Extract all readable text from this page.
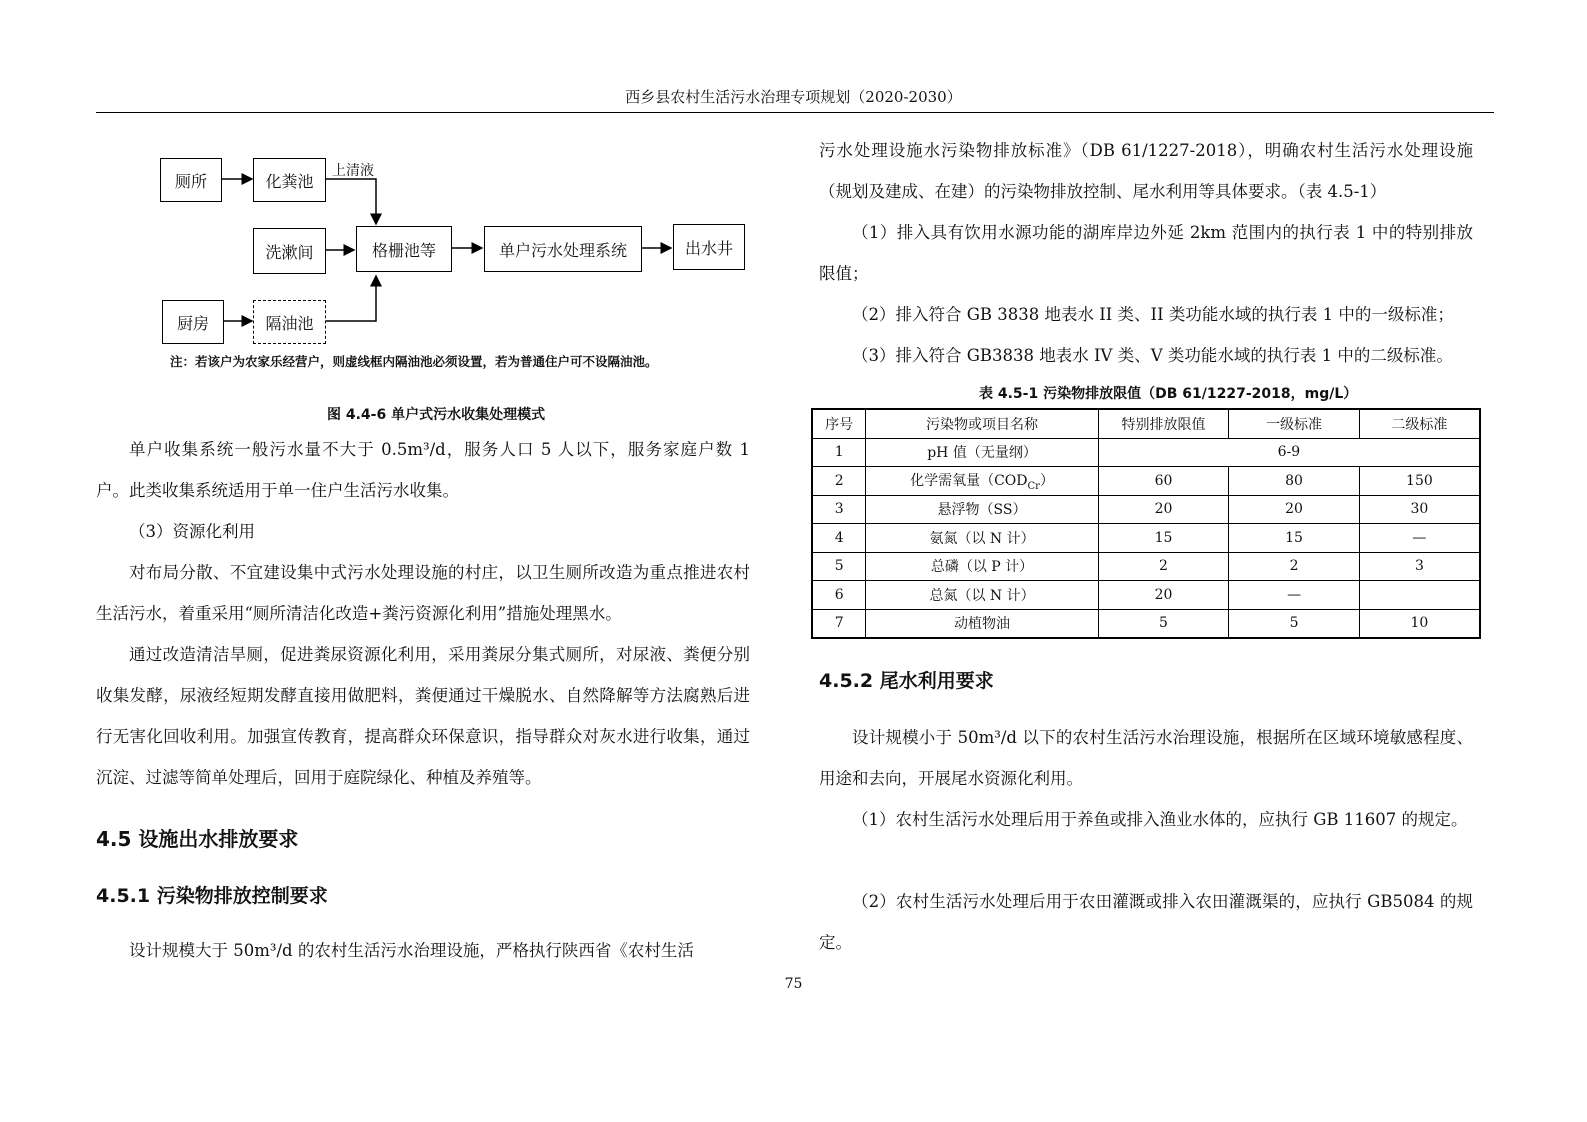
西乡县农村生活污水治理专项规划（2020-2030）
厕所	化粪池
上清液
洗漱间	格栅池等	单户污水处理系统	出水井
厨房	隔油池
注：若该户为农家乐经营户，则虚线框内隔油池必须设置，若为普通住户可不设隔油池。
图 4.4-6 单户式污水收集处理模式
单户收集系统一般污水量不大于 0.5m³/d，服务人口 5 人以下，服务家庭户数 1 户。此类收集系统适用于单一住户生活污水收集。
（3）资源化利用
对布局分散、不宜建设集中式污水处理设施的村庄，以卫生厕所改造为重点推进农村生活污水，着重采用“厕所清洁化改造+粪污资源化利用”措施处理黑水。
通过改造清洁旱厕，促进粪尿资源化利用，采用粪尿分集式厕所，对尿液、粪便分别收集发酵，尿液经短期发酵直接用做肥料，粪便通过干燥脱水、自然降解等方法腐熟后进行无害化回收利用。加强宣传教育，提高群众环保意识，指导群众对灰水进行收集，通过沉淀、过滤等简单处理后，回用于庭院绿化、种植及养殖等。
4.5 设施出水排放要求
4.5.1 污染物排放控制要求
设计规模大于 50m³/d 的农村生活污水治理设施，严格执行陕西省《农村生活
污水处理设施水污染物排放标准》（DB 61/1227-2018），明确农村生活污水处理设施（规划及建成、在建）的污染物排放控制、尾水利用等具体要求。（表 4.5-1）
（1）排入具有饮用水源功能的湖库岸边外延 2km 范围内的执行表 1 中的特别排放限值；
（2）排入符合 GB 3838 地表水 II 类、II 类功能水域的执行表 1 中的一级标准；
（3）排入符合 GB3838 地表水 IV 类、V 类功能水域的执行表 1 中的二级标准。
表 4.5-1 污染物排放限值（DB 61/1227-2018，mg/L）
序号	污染物或项目名称	特别排放限值	一级标准	二级标准
1	pH 值（无量纲）	6-9		
2	化学需氧量$(COD_{Cr})$	60	80	150
3	悬浮物（SS）	20	20	30
4	氨氮（以 N 计）	15	15	—
5	总磷（以 P 计）	2	2	3
6	总氮（以 N 计）	20	—	
7	动植物油	5	5	10
4.5.2 尾水利用要求
设计规模小于 50m³/d 以下的农村生活污水治理设施，根据所在区域环境敏感程度、用途和去向，开展尾水资源化利用。
（1）农村生活污水处理后用于养鱼或排入渔业水体的，应执行 GB 11607 的规定。
（2）农村生活污水处理后用于农田灌溉或排入农田灌溉渠的，应执行 GB5084 的规定。
75
